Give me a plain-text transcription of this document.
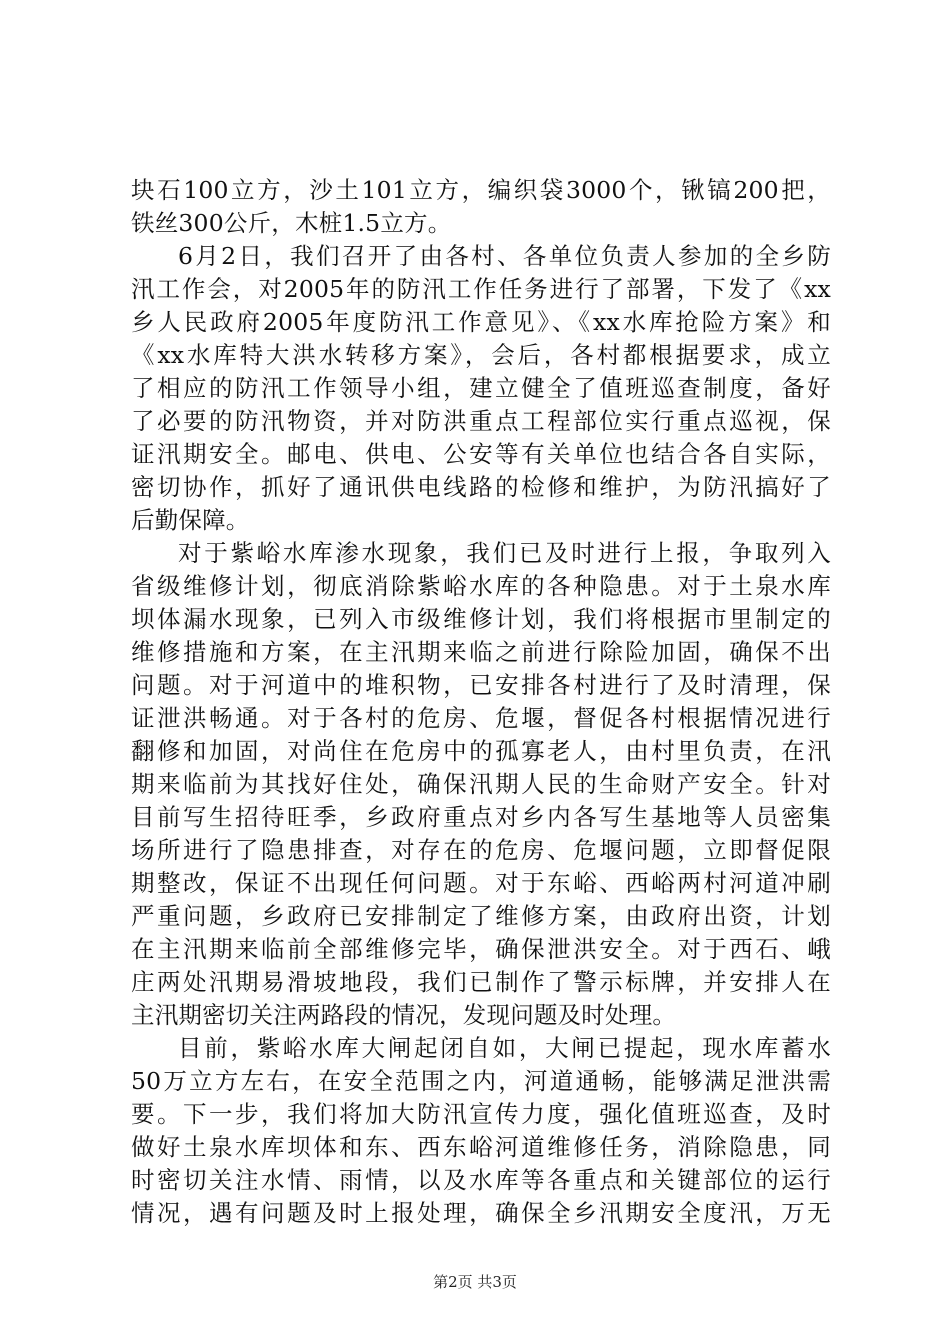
块石100立方，沙土101立方，编织袋3000个，锹镐200把，
铁丝300公斤，木桩1.5立方。
6月2日，我们召开了由各村、各单位负责人参加的全乡防
汛工作会，对2005年的防汛工作任务进行了部署，下发了《xx
乡人民政府2005年度防汛工作意见》、《xx水库抢险方案》和
《xx水库特大洪水转移方案》，会后，各村都根据要求，成立
了相应的防汛工作领导小组，建立健全了值班巡查制度，备好
了必要的防汛物资，并对防洪重点工程部位实行重点巡视，保
证汛期安全。邮电、供电、公安等有关单位也结合各自实际，
密切协作，抓好了通讯供电线路的检修和维护，为防汛搞好了
后勤保障。
对于紫峪水库渗水现象，我们已及时进行上报，争取列入
省级维修计划，彻底消除紫峪水库的各种隐患。对于土泉水库
坝体漏水现象，已列入市级维修计划，我们将根据市里制定的
维修措施和方案，在主汛期来临之前进行除险加固，确保不出
问题。对于河道中的堆积物，已安排各村进行了及时清理，保
证泄洪畅通。对于各村的危房、危堰，督促各村根据情况进行
翻修和加固，对尚住在危房中的孤寡老人，由村里负责，在汛
期来临前为其找好住处，确保汛期人民的生命财产安全。针对
目前写生招待旺季，乡政府重点对乡内各写生基地等人员密集
场所进行了隐患排查，对存在的危房、危堰问题，立即督促限
期整改，保证不出现任何问题。对于东峪、西峪两村河道冲刷
严重问题，乡政府已安排制定了维修方案，由政府出资，计划
在主汛期来临前全部维修完毕，确保泄洪安全。对于西石、峨
庄两处汛期易滑坡地段，我们已制作了警示标牌，并安排人在
主汛期密切关注两路段的情况，发现问题及时处理。
目前，紫峪水库大闸起闭自如，大闸已提起，现水库蓄水
50万立方左右，在安全范围之内，河道通畅，能够满足泄洪需
要。下一步，我们将加大防汛宣传力度，强化值班巡查，及时
做好土泉水库坝体和东、西东峪河道维修任务，消除隐患，同
时密切关注水情、雨情，以及水库等各重点和关键部位的运行
情况，遇有问题及时上报处理，确保全乡汛期安全度汛，万无
第2页 共3页
